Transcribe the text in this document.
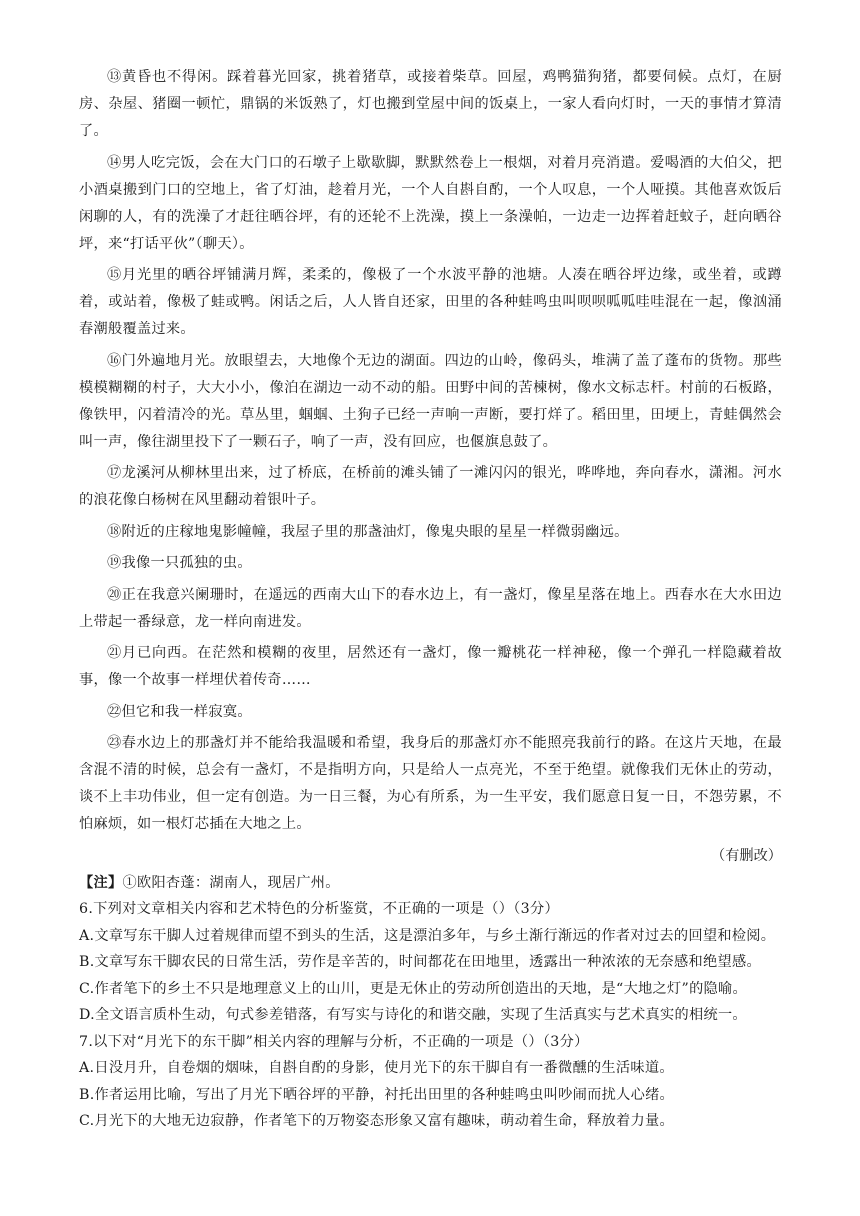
⑬黄昏也不得闲。踩着暮光回家，挑着猪草，或接着柴草。回屋，鸡鸭猫狗猪，都要伺候。点灯，在厨房、杂屋、猪圈一顿忙，鼎锅的米饭熟了，灯也搬到堂屋中间的饭桌上，一家人看向灯时，一天的事情才算清了。

⑭男人吃完饭，会在大门口的石墩子上歇歇脚，默默然卷上一根烟，对着月亮消遣。爱喝酒的大伯父，把小酒桌搬到门口的空地上，省了灯油，趁着月光，一个人自斟自酌，一个人叹息，一个人哑摸。其他喜欢饭后闲聊的人，有的洗澡了才赶往晒谷坪，有的还轮不上洗澡，摸上一条澡帕，一边走一边挥着赶蚊子，赶向晒谷坪，来“打话平伙”（聊天）。

⑮月光里的晒谷坪铺满月辉，柔柔的，像极了一个水波平静的池塘。人凑在晒谷坪边缘，或坐着，或蹲着，或站着，像极了蛙或鸭。闲话之后，人人皆自还家，田里的各种蛙鸣虫叫呗呗呱呱哇哇混在一起，像汹涌春潮般覆盖过来。

⑯门外遍地月光。放眼望去，大地像个无边的湖面。四边的山岭，像码头，堆满了盖了蓬布的货物。那些模模糊糊的村子，大大小小，像泊在湖边一动不动的船。田野中间的苦楝树，像水文标志杆。村前的石板路，像铁甲，闪着清冷的光。草丛里，蝈蝈、土狗子已经一声响一声断，要打烊了。稻田里，田埂上，青蛙偶然会叫一声，像往湖里投下了一颗石子，响了一声，没有回应，也偃旗息鼓了。

⑰龙溪河从柳林里出来，过了桥底，在桥前的滩头铺了一滩闪闪的银光，哗哗地，奔向春水，潇湘。河水的浪花像白杨树在风里翻动着银叶子。

⑱附近的庄稼地鬼影幢幢，我屋子里的那盏油灯，像鬼央眼的星星一样微弱幽远。

⑲我像一只孤独的虫。

⑳正在我意兴阑珊时，在遥远的西南大山下的春水边上，有一盏灯，像星星落在地上。西春水在大水田边上带起一番绿意，龙一样向南进发。

㉑月已向西。在茫然和模糊的夜里，居然还有一盏灯，像一瓣桃花一样神秘，像一个弹孔一样隐藏着故事，像一个故事一样埋伏着传奇……

㉒但它和我一样寂寞。

㉓春水边上的那盏灯并不能给我温暖和希望，我身后的那盏灯亦不能照亮我前行的路。在这片天地，在最含混不清的时候，总会有一盏灯，不是指明方向，只是给人一点亮光，不至于绝望。就像我们无休止的劳动，谈不上丰功伟业，但一定有创造。为一日三餐，为心有所系，为一生平安，我们愿意日复一日，不怨劳累，不怕麻烦，如一根灯芯插在大地之上。

（有删改）

【注】①欧阳杏蓬：湖南人，现居广州。

6.下列对文章相关内容和艺术特色的分析鉴赏，不正确的一项是（）（3分）

A.文章写东干脚人过着规律而望不到头的生活，这是漂泊多年，与乡土渐行渐远的作者对过去的回望和检阅。

B.文章写东干脚农民的日常生活，劳作是辛苦的，时间都花在田地里，透露出一种浓浓的无奈感和绝望感。

C.作者笔下的乡土不只是地理意义上的山川，更是无休止的劳动所创造出的天地，是“大地之灯”的隐喻。

D.全文语言质朴生动，句式参差错落，有写实与诗化的和谐交融，实现了生活真实与艺术真实的相统一。

7.以下对“月光下的东干脚”相关内容的理解与分析，不正确的一项是（）（3分）

A.日没月升，自卷烟的烟味，自斟自酌的身影，使月光下的东干脚自有一番微醺的生活味道。

B.作者运用比喻，写出了月光下晒谷坪的平静，衬托出田里的各种蛙鸣虫叫吵闹而扰人心绪。

C.月光下的大地无边寂静，作者笔下的万物姿态形象又富有趣味，萌动着生命，释放着力量。
